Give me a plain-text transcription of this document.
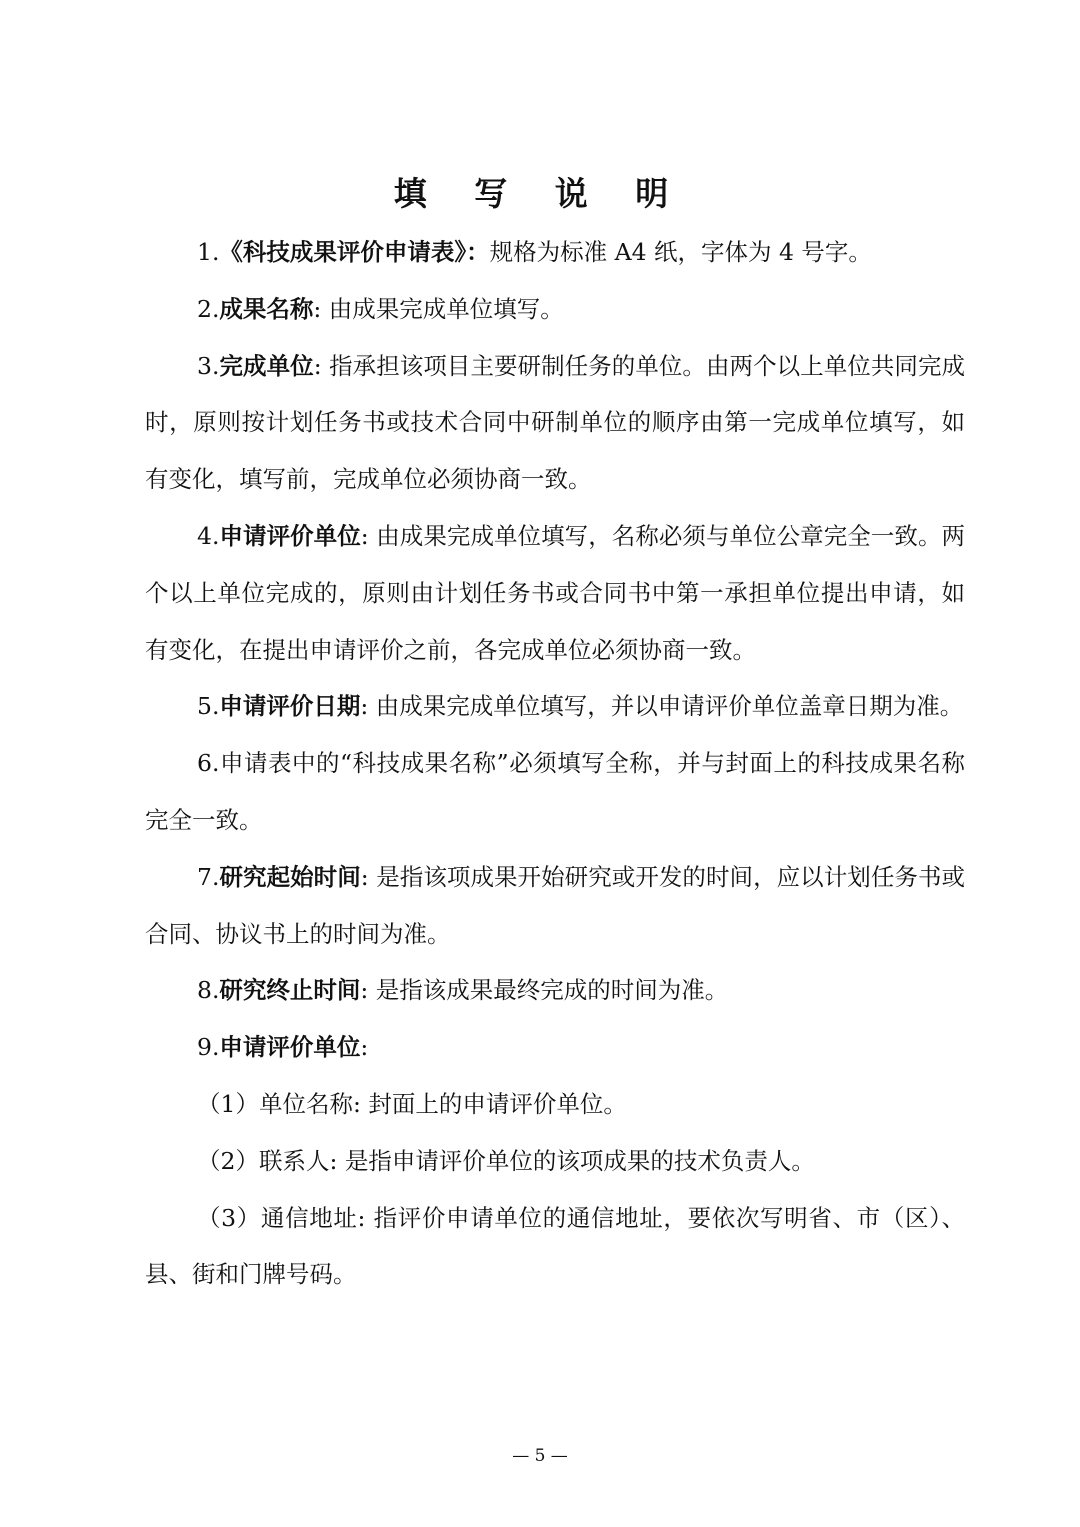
填 写 说 明

1.《科技成果评价申请表》：规格为标准 A4 纸，字体为 4 号字。

2.成果名称: 由成果完成单位填写。

3.完成单位: 指承担该项目主要研制任务的单位。由两个以上单位共同完成时，原则按计划任务书或技术合同中研制单位的顺序由第一完成单位填写，如有变化，填写前，完成单位必须协商一致。

4.申请评价单位: 由成果完成单位填写，名称必须与单位公章完全一致。两个以上单位完成的，原则由计划任务书或合同书中第一承担单位提出申请，如有变化，在提出申请评价之前，各完成单位必须协商一致。

5.申请评价日期: 由成果完成单位填写，并以申请评价单位盖章日期为准。

6.申请表中的“科技成果名称”必须填写全称，并与封面上的科技成果名称完全一致。

7.研究起始时间: 是指该项成果开始研究或开发的时间，应以计划任务书或合同、协议书上的时间为准。

8.研究终止时间: 是指该成果最终完成的时间为准。

9.申请评价单位:

（1）单位名称: 封面上的申请评价单位。

（2）联系人: 是指申请评价单位的该项成果的技术负责人。

（3）通信地址: 指评价申请单位的通信地址，要依次写明省、市（区）、县、街和门牌号码。

— 5 —
